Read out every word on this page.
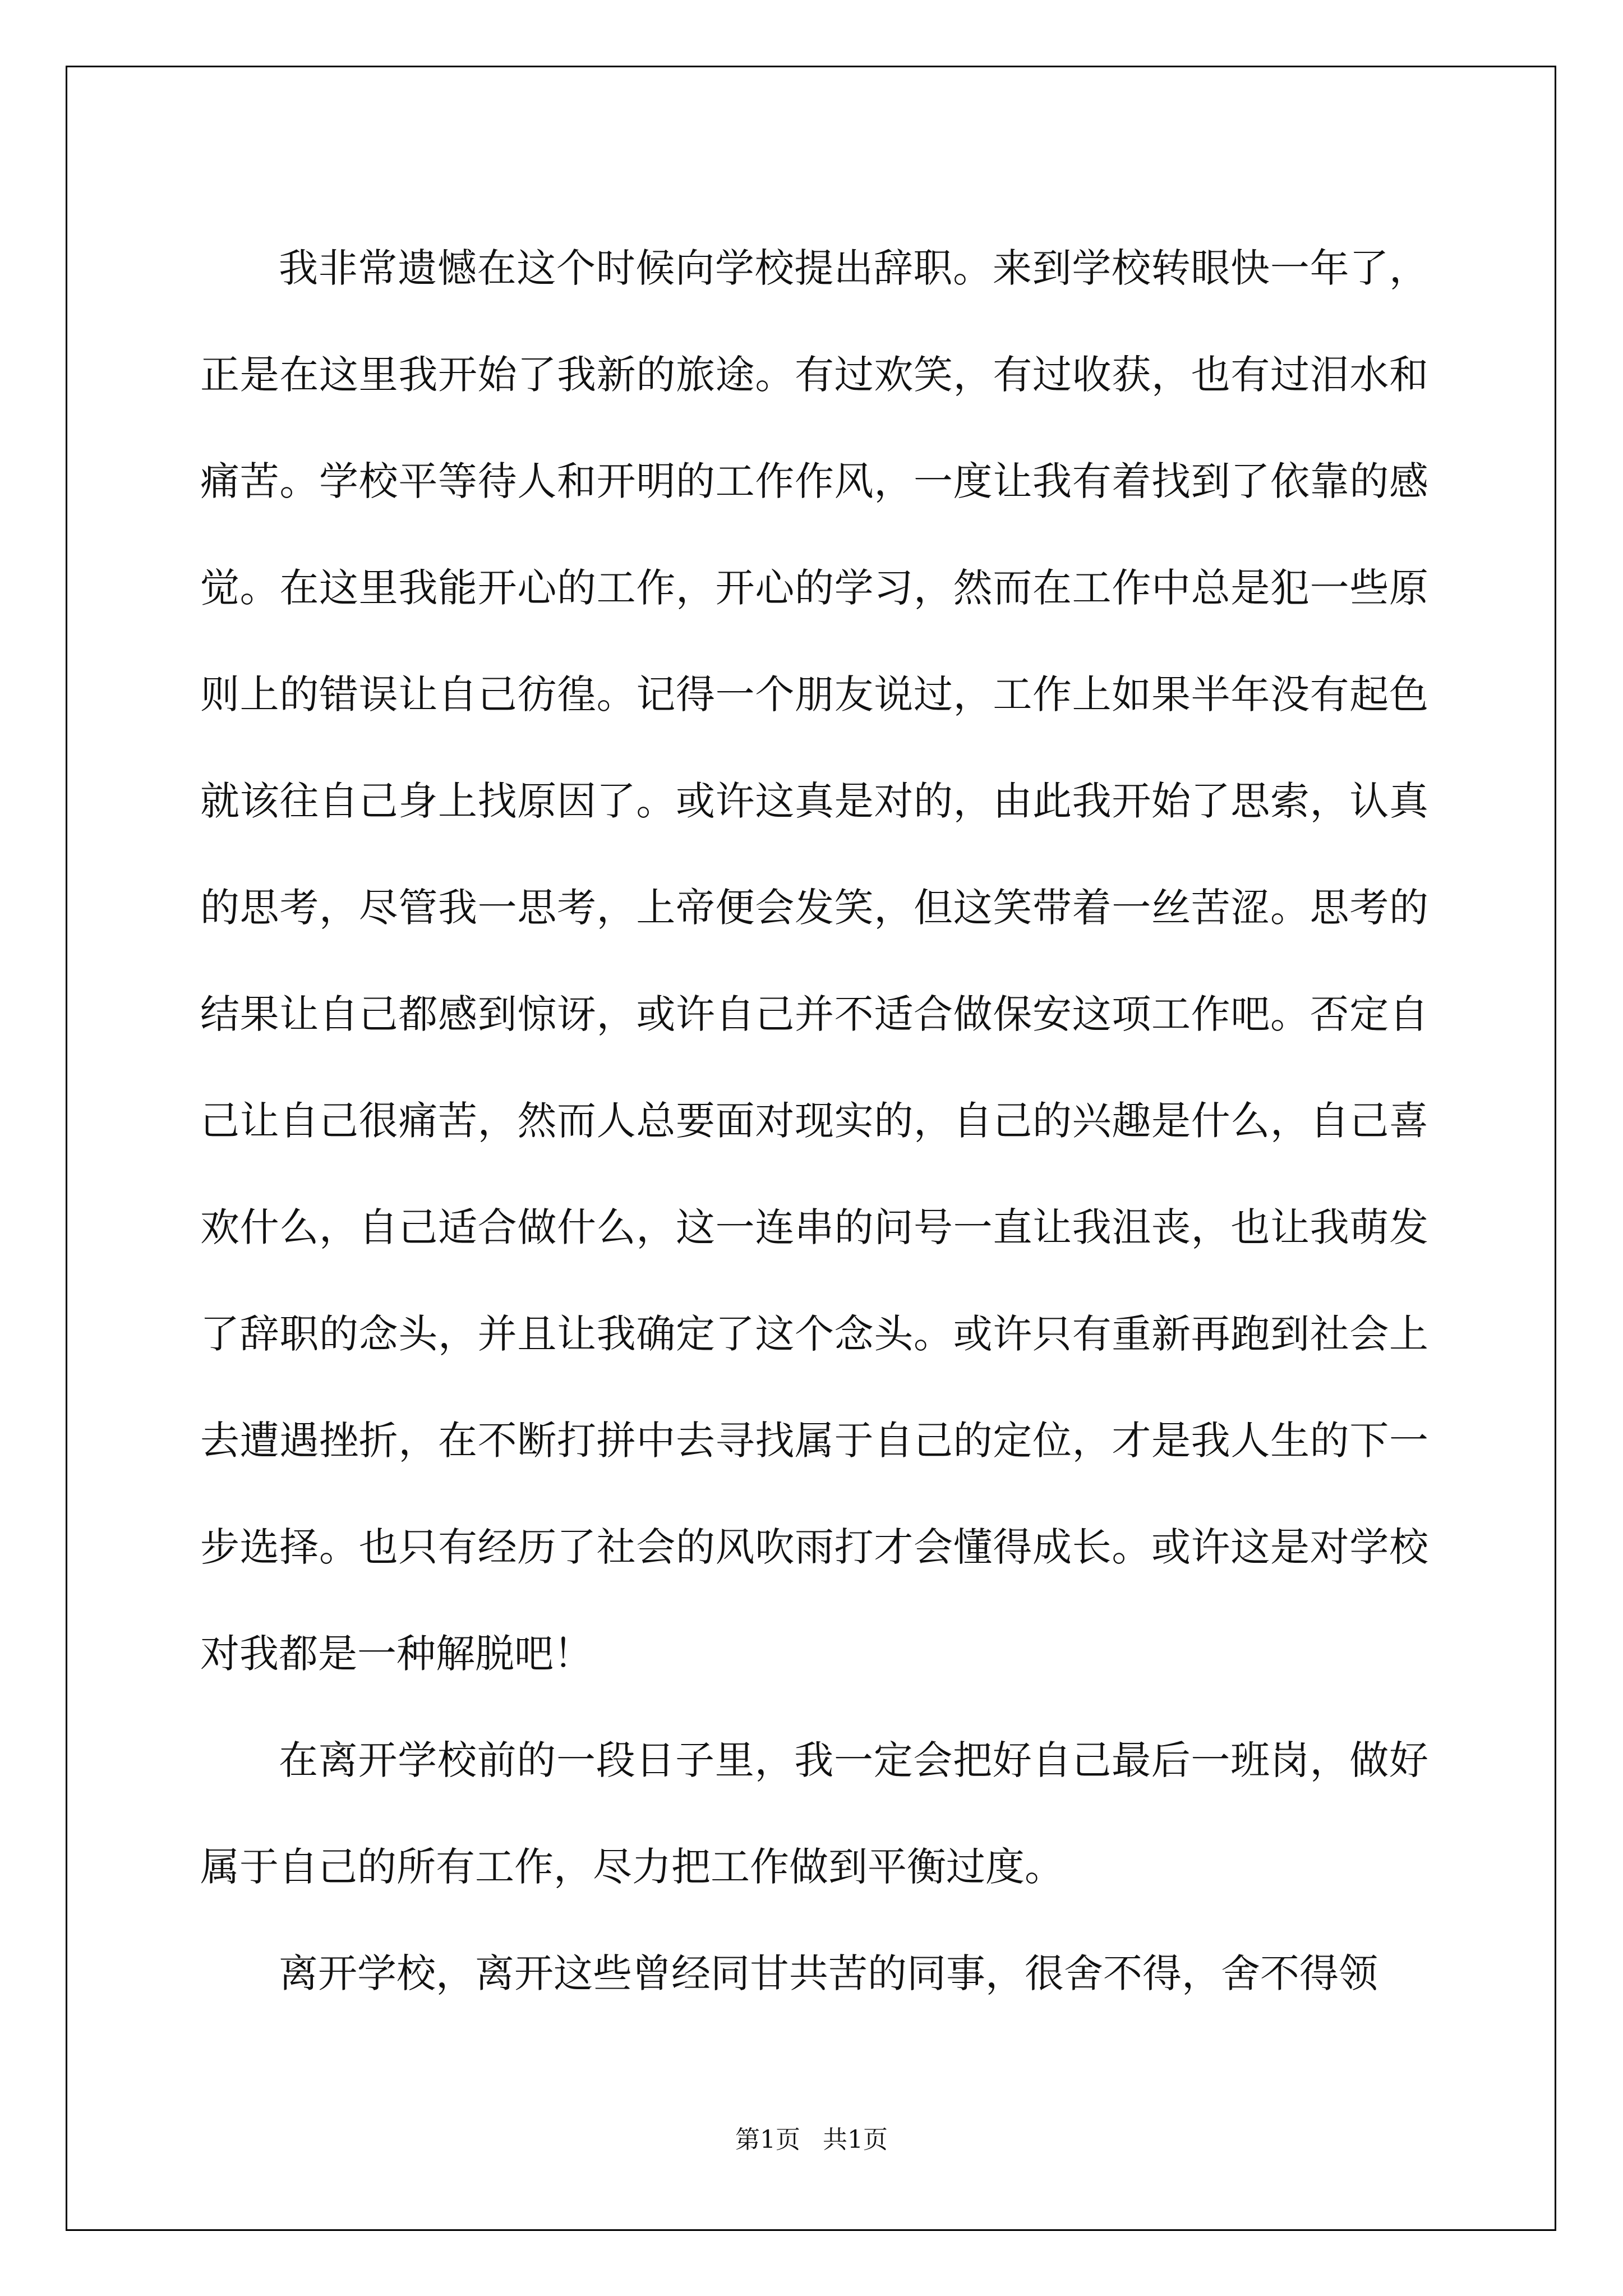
我非常遗憾在这个时候向学校提出辞职。来到学校转眼快一年了，正是在这里我开始了我新的旅途。有过欢笑，有过收获，也有过泪水和痛苦。学校平等待人和开明的工作作风，一度让我有着找到了依靠的感觉。在这里我能开心的工作，开心的学习，然而在工作中总是犯一些原则上的错误让自己彷徨。记得一个朋友说过，工作上如果半年没有起色就该往自己身上找原因了。或许这真是对的，由此我开始了思索，认真的思考，尽管我一思考，上帝便会发笑，但这笑带着一丝苦涩。思考的结果让自己都感到惊讶，或许自己并不适合做保安这项工作吧。否定自己让自己很痛苦，然而人总要面对现实的，自己的兴趣是什么，自己喜欢什么，自己适合做什么，这一连串的问号一直让我沮丧，也让我萌发了辞职的念头，并且让我确定了这个念头。或许只有重新再跑到社会上去遭遇挫折，在不断打拼中去寻找属于自己的定位，才是我人生的下一步选择。也只有经历了社会的风吹雨打才会懂得成长。或许这是对学校对我都是一种解脱吧！

在离开学校前的一段日子里，我一定会把好自己最后一班岗，做好属于自己的所有工作，尽力把工作做到平衡过度。

离开学校，离开这些曾经同甘共苦的同事，很舍不得，舍不得领

第1页 共1页
